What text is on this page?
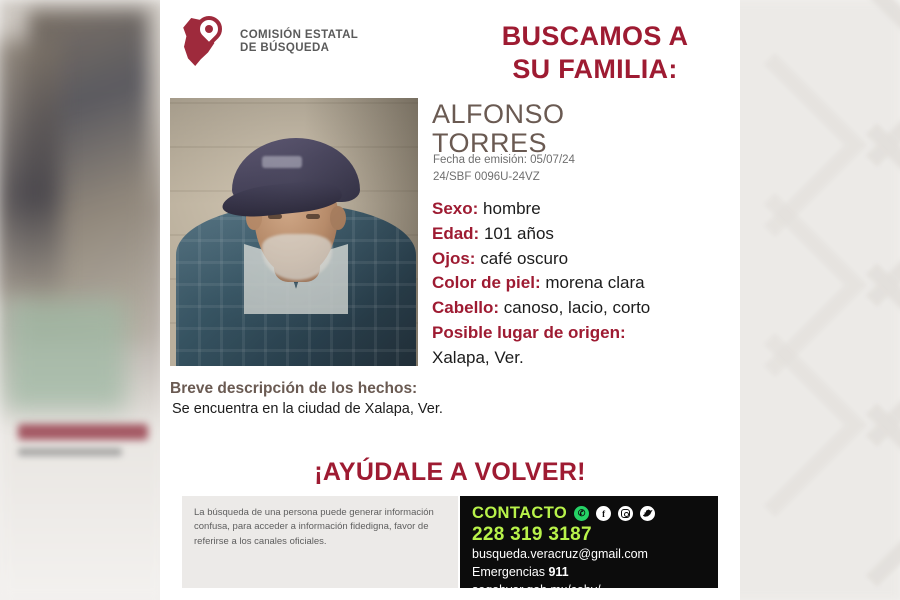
COMISIÓN ESTATAL
DE BÚSQUEDA	BUSCAMOS A
SU FAMILIA:
ALFONSO
TORRES
Fecha de emisión: 05/07/24
24/SBF 0096U-24VZ
Sexo: hombre
Edad: 101 años
Ojos: café oscuro
Color de piel: morena clara
Cabello: canoso, lacio, corto
Posible lugar de origen:
Xalapa, Ver.
Breve descripción de los hechos:
Se encuentra en la ciudad de Xalapa, Ver.
¡AYÚDALE A VOLVER!
La búsqueda de una persona puede generar información confusa, para acceder a información fidedigna, favor de referirse a los canales oficiales.
CONTACTO	✆	f
228 319 3187
busqueda.veracruz@gmail.com
Emergencias 911
segobver.gob.mx/cebv/
